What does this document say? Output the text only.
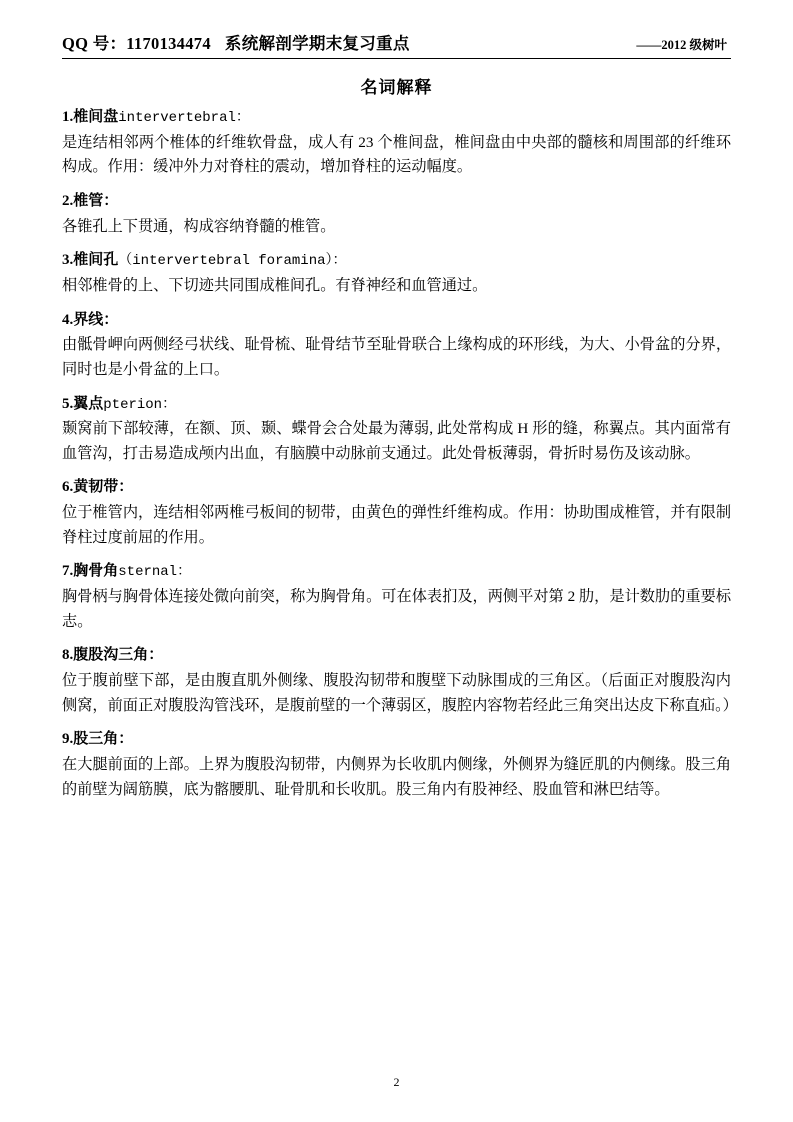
QQ 号：1170134474 系统解剖学期末复习重点	——2012 级树叶
名词解释
1.椎间盘intervertebral：
是连结相邻两个椎体的纤维软骨盘，成人有 23 个椎间盘，椎间盘由中央部的髓核和周围部的纤维环构成。作用：缓冲外力对脊柱的震动，增加脊柱的运动幅度。
2.椎管：
各锥孔上下贯通，构成容纳脊髓的椎管。
3.椎间孔（intervertebral foramina）：
相邻椎骨的上、下切迹共同围成椎间孔。有脊神经和血管通过。
4.界线：
由骶骨岬向两侧经弓状线、耻骨梳、耻骨结节至耻骨联合上缘构成的环形线，为大、小骨盆的分界，同时也是小骨盆的上口。
5.翼点pterion：
颞窝前下部较薄，在额、顶、颞、蝶骨会合处最为薄弱, 此处常构成 H 形的缝，称翼点。其内面常有血管沟，打击易造成颅内出血，有脑膜中动脉前支通过。此处骨板薄弱，骨折时易伤及该动脉。
6.黄韧带：
位于椎管内，连结相邻两椎弓板间的韧带，由黄色的弹性纤维构成。作用：协助围成椎管，并有限制脊柱过度前屈的作用。
7.胸骨角sternal：
胸骨柄与胸骨体连接处微向前突，称为胸骨角。可在体表扪及，两侧平对第 2 肋，是计数肋的重要标志。
8.腹股沟三角：
位于腹前壁下部，是由腹直肌外侧缘、腹股沟韧带和腹壁下动脉围成的三角区。（后面正对腹股沟内侧窝，前面正对腹股沟管浅环，是腹前壁的一个薄弱区，腹腔内容物若经此三角突出达皮下称直疝。）
9.股三角：
在大腿前面的上部。上界为腹股沟韧带，内侧界为长收肌内侧缘，外侧界为缝匠肌的内侧缘。股三角的前壁为阔筋膜，底为髂腰肌、耻骨肌和长收肌。股三角内有股神经、股血管和淋巴结等。
2
